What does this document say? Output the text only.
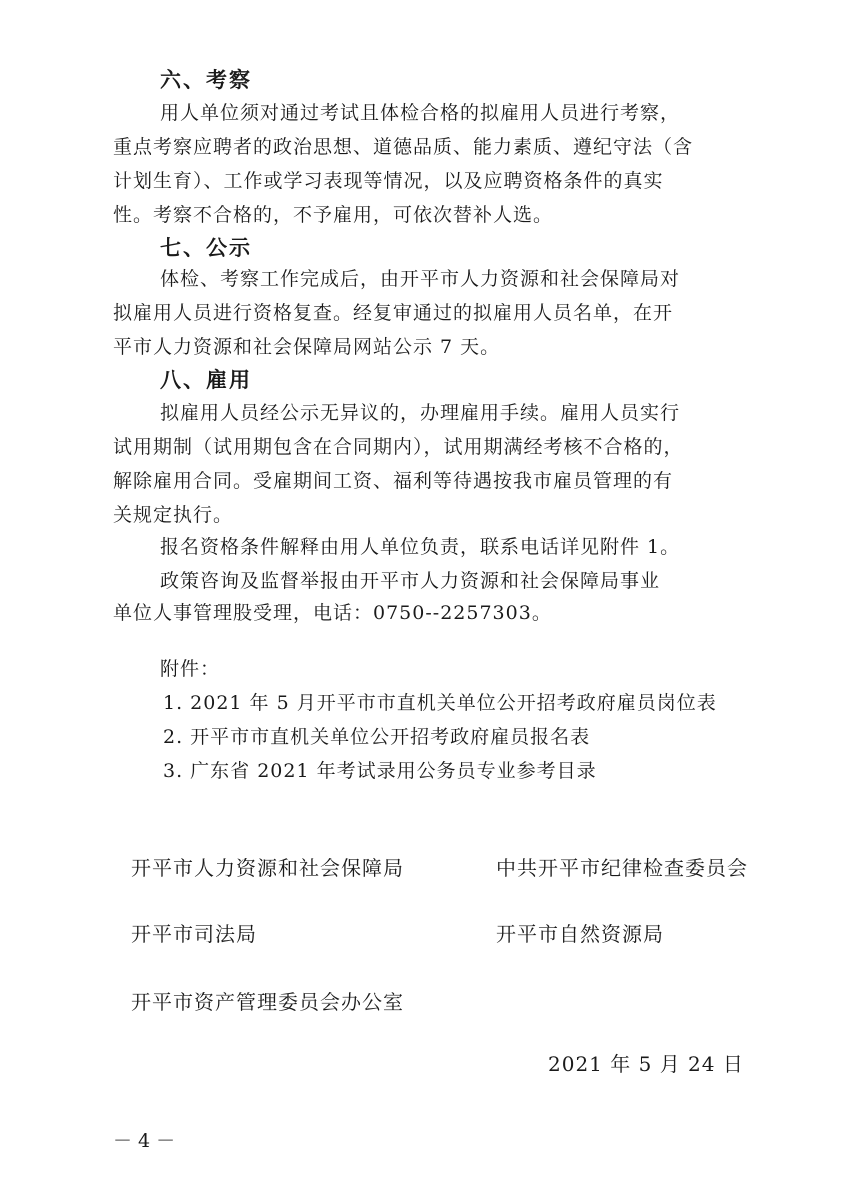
六、考察
用人单位须对通过考试且体检合格的拟雇用人员进行考察，
重点考察应聘者的政治思想、道德品质、能力素质、遵纪守法（含
计划生育）、工作或学习表现等情况，以及应聘资格条件的真实
性。考察不合格的，不予雇用，可依次替补人选。
七、公示
体检、考察工作完成后，由开平市人力资源和社会保障局对
拟雇用人员进行资格复查。经复审通过的拟雇用人员名单，在开
平市人力资源和社会保障局网站公示 7 天。
八、雇用
拟雇用人员经公示无异议的，办理雇用手续。雇用人员实行
试用期制（试用期包含在合同期内），试用期满经考核不合格的，
解除雇用合同。受雇期间工资、福利等待遇按我市雇员管理的有
关规定执行。
报名资格条件解释由用人单位负责，联系电话详见附件 1。
政策咨询及监督举报由开平市人力资源和社会保障局事业
单位人事管理股受理，电话：0750--2257303。
附件：
1. 2021 年 5 月开平市市直机关单位公开招考政府雇员岗位表
2. 开平市市直机关单位公开招考政府雇员报名表
3. 广东省 2021 年考试录用公务员专业参考目录
开平市人力资源和社会保障局	中共开平市纪律检查委员会
开平市司法局	开平市自然资源局
开平市资产管理委员会办公室
2021 年 5 月 24 日
－ 4 －
